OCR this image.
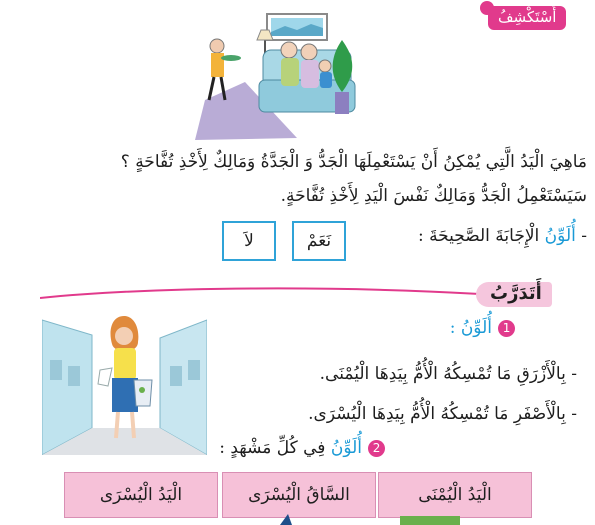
أَسْتَكْشِفُ
مَاهِيَ الْيَدُ الَّتِي يُمْكِنُ أَنْ يَسْتَعْمِلَهَا الْجَدُّ وَ الْجَدَّةُ وَمَالِكٌ لِأَخْذِ تُفَّاحَةٍ ؟
سَيَسْتَعْمِلُ الْجَدُّ وَمَالِكٌ نَفْسَ الْيَدِ لِأَخْذِ تُفَّاحَةٍ.
- أُلَوِّنُ الْإِجَابَةَ الصَّحِيحَةَ :
نَعَمْ
لاَ
أَتَدَرَّبُ
1
أُلَوِّنُ :
- بِالْأَزْرَقِ مَا تُمْسِكُهُ الْأُمُّ بِيَدِهَا الْيُمْنَى.
- بِالْأَصْفَرِ مَا تُمْسِكُهُ الْأُمُّ بِيَدِهَا الْيُسْرَى.
2
أُلَوِّنُ فِي كُلِّ مَشْهَدٍ :
الْيَدُ الْيُسْرَى	السَّاقُ الْيُسْرَى	الْيَدُ الْيُمْنَى
